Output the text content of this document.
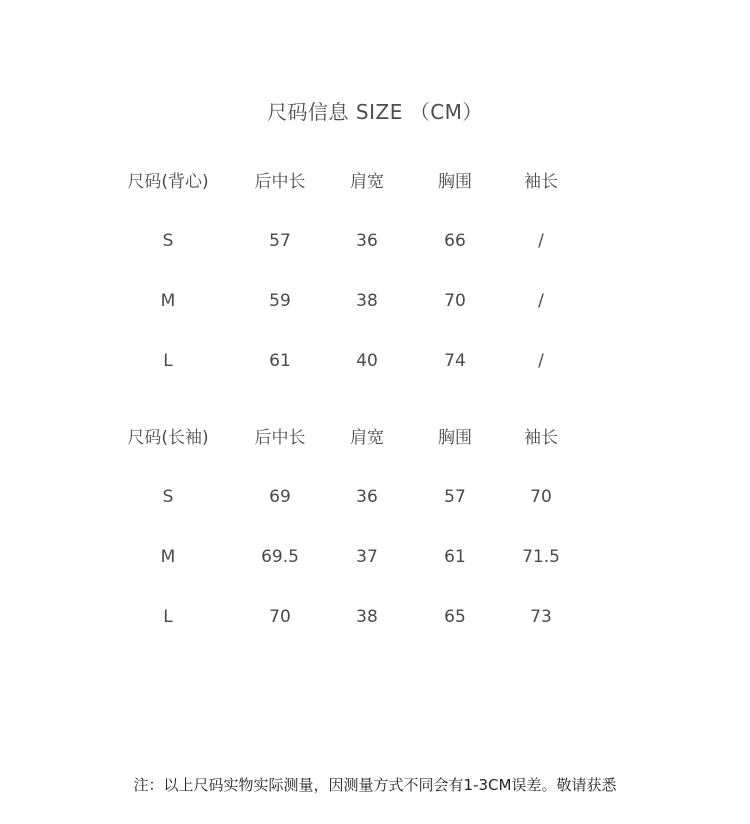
尺码信息 SIZE （CM）
尺码(背心)	后中长	肩宽	胸围	袖长
S	57	36	66	/
M	59	38	70	/
L	61	40	74	/
尺码(长袖)	后中长	肩宽	胸围	袖长
S	69	36	57	70
M	69.5	37	61	71.5
L	70	38	65	73
注：以上尺码实物实际测量，因测量方式不同会有1-3CM误差。敬请获悉
